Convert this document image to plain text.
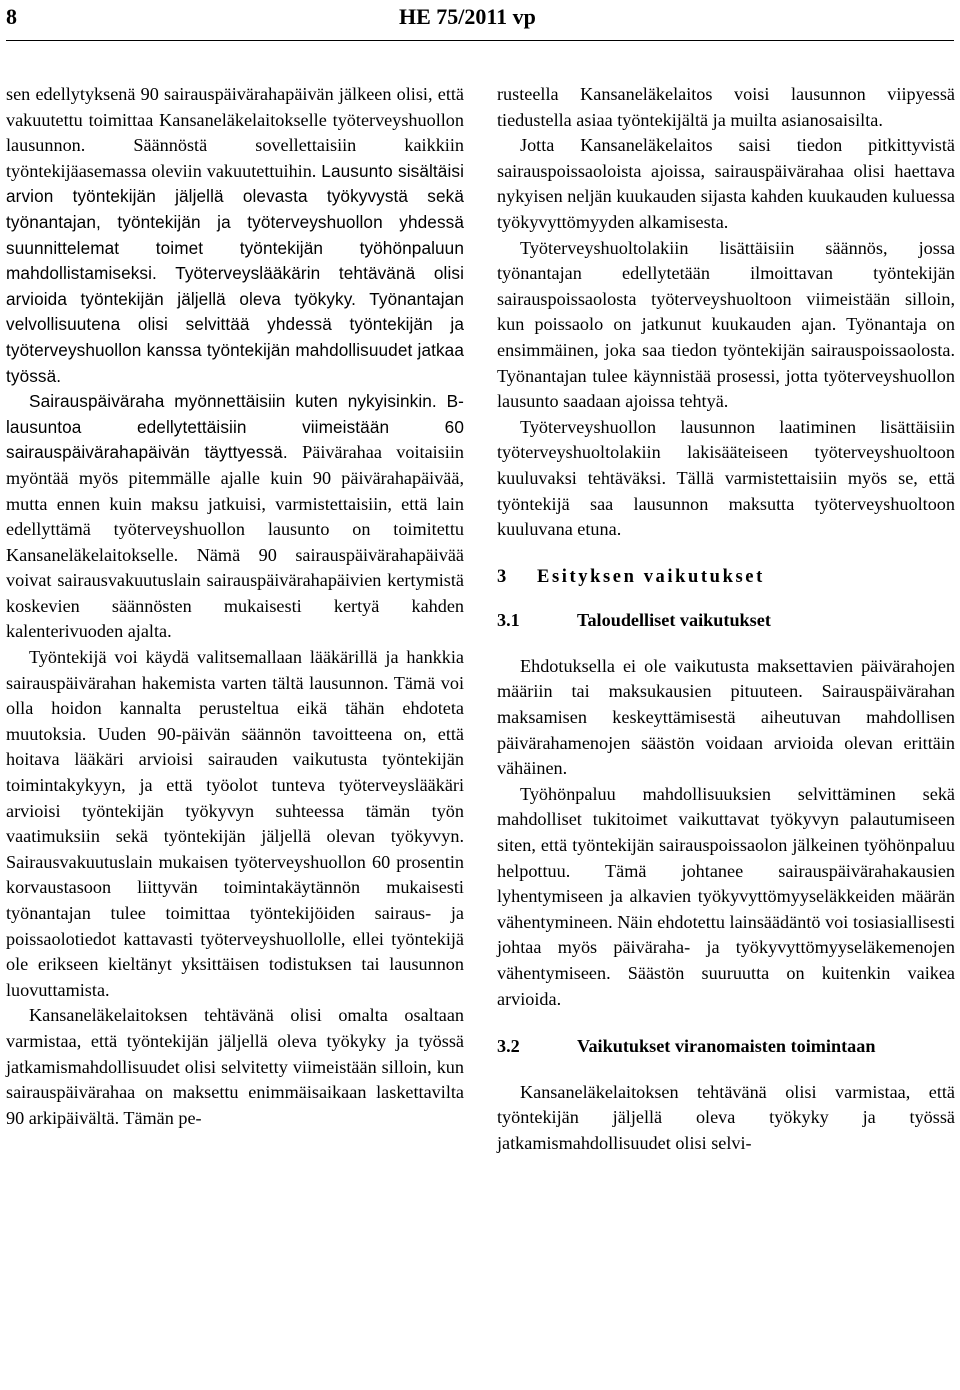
8	HE 75/2011 vp

sen edellytyksenä 90 sairauspäivärahapäivän jälkeen olisi, että vakuutettu toimittaa Kansaneläkelaitokselle työterveyshuollon lausunnon. Säännöstä sovellettaisiin kaikkiin työntekijäasemassa oleviin vakuutettuihin. Lausunto sisältäisi arvion työntekijän jäljellä olevasta työkyvystä sekä työnantajan, työntekijän ja työterveyshuollon yhdessä suunnittelemat toimet työntekijän työhönpaluun mahdollistamiseksi. Työterveyslääkärin tehtävänä olisi arvioida työntekijän jäljellä oleva työkyky. Työnantajan velvollisuutena olisi selvittää yhdessä työntekijän ja työterveyshuollon kanssa työntekijän mahdollisuudet jatkaa työssä.

Sairauspäiväraha myönnettäisiin kuten nykyisinkin. B-lausuntoa edellytettäisiin viimeistään 60 sairauspäivärahapäivän täyttyessä. Päivärahaa voitaisiin myöntää myös pitemmälle ajalle kuin 90 päivärahapäivää, mutta ennen kuin maksu jatkuisi, varmistettaisiin, että lain edellyttämä työterveyshuollon lausunto on toimitettu Kansaneläkelaitokselle. Nämä 90 sairauspäivärahapäivää voivat sairausvakuutuslain sairauspäivärahapäivien kertymistä koskevien säännösten mukaisesti kertyä kahden kalenterivuoden ajalta.

Työntekijä voi käydä valitsemallaan lääkärillä ja hankkia sairauspäivärahan hakemista varten tältä lausunnon. Tämä voi olla hoidon kannalta perusteltua eikä tähän ehdoteta muutoksia. Uuden 90-päivän säännön tavoitteena on, että hoitava lääkäri arvioisi sairauden vaikutusta työntekijän toimintakykyyn, ja että työolot tunteva työterveyslääkäri arvioisi työntekijän työkyvyn suhteessa tämän työn vaatimuksiin sekä työntekijän jäljellä olevan työkyvyn. Sairausvakuutuslain mukaisen työterveyshuollon 60 prosentin korvaustasoon liittyvän toimintakäytännön mukaisesti työnantajan tulee toimittaa työntekijöiden sairaus- ja poissaolotiedot kattavasti työterveyshuollolle, ellei työntekijä ole erikseen kieltänyt yksittäisen todistuksen tai lausunnon luovuttamista.

Kansaneläkelaitoksen tehtävänä olisi omalta osaltaan varmistaa, että työntekijän jäljellä oleva työkyky ja työssä jatkamismahdollisuudet olisi selvitetty viimeistään silloin, kun sairauspäivärahaa on maksettu enimmäisaikaan laskettavilta 90 arkipäivältä. Tämän pe-

rusteella Kansaneläkelaitos voisi lausunnon viipyessä tiedustella asiaa työntekijältä ja muilta asianosaisilta.

Jotta Kansaneläkelaitos saisi tiedon pitkittyvistä sairauspoissaoloista ajoissa, sairauspäivärahaa olisi haettava nykyisen neljän kuukauden sijasta kahden kuukauden kuluessa työkyvyttömyyden alkamisesta.

Työterveyshuoltolakiin lisättäisiin säännös, jossa työnantajan edellytetään ilmoittavan työntekijän sairauspoissaolosta työterveyshuoltoon viimeistään silloin, kun poissaolo on jatkunut kuukauden ajan. Työnantaja on ensimmäinen, joka saa tiedon työntekijän sairauspoissaolosta. Työnantajan tulee käynnistää prosessi, jotta työterveyshuollon lausunto saadaan ajoissa tehtyä.

Työterveyshuollon lausunnon laatiminen lisättäisiin työterveyshuoltolakiin lakisääteiseen työterveyshuoltoon kuuluvaksi tehtäväksi. Tällä varmistettaisiin myös se, että työntekijä saa lausunnon maksutta työterveyshuoltoon kuuluvana etuna.

3 Esityksen vaikutukset

3.1	Taloudelliset vaikutukset

Ehdotuksella ei ole vaikutusta maksettavien päivärahojen määriin tai maksukausien pituuteen. Sairauspäivärahan maksamisen keskeyttämisestä aiheutuvan mahdollisen päivärahamenojen säästön voidaan arvioida olevan erittäin vähäinen.

Työhönpaluu mahdollisuuksien selvittäminen sekä mahdolliset tukitoimet vaikuttavat työkyvyn palautumiseen siten, että työntekijän sairauspoissaolon jälkeinen työhönpaluu helpottuu. Tämä johtanee sairauspäivärahakausien lyhentymiseen ja alkavien työkyvyttömyyseläkkeiden määrän vähentymineen. Näin ehdotettu lainsäädäntö voi tosiasiallisesti johtaa myös päiväraha- ja työkyvyttömyyseläkemenojen vähentymiseen. Säästön suuruutta on kuitenkin vaikea arvioida.

3.2	Vaikutukset viranomaisten toimintaan

Kansaneläkelaitoksen tehtävänä olisi varmistaa, että työntekijän jäljellä oleva työkyky ja työssä jatkamismahdollisuudet olisi selvi-
